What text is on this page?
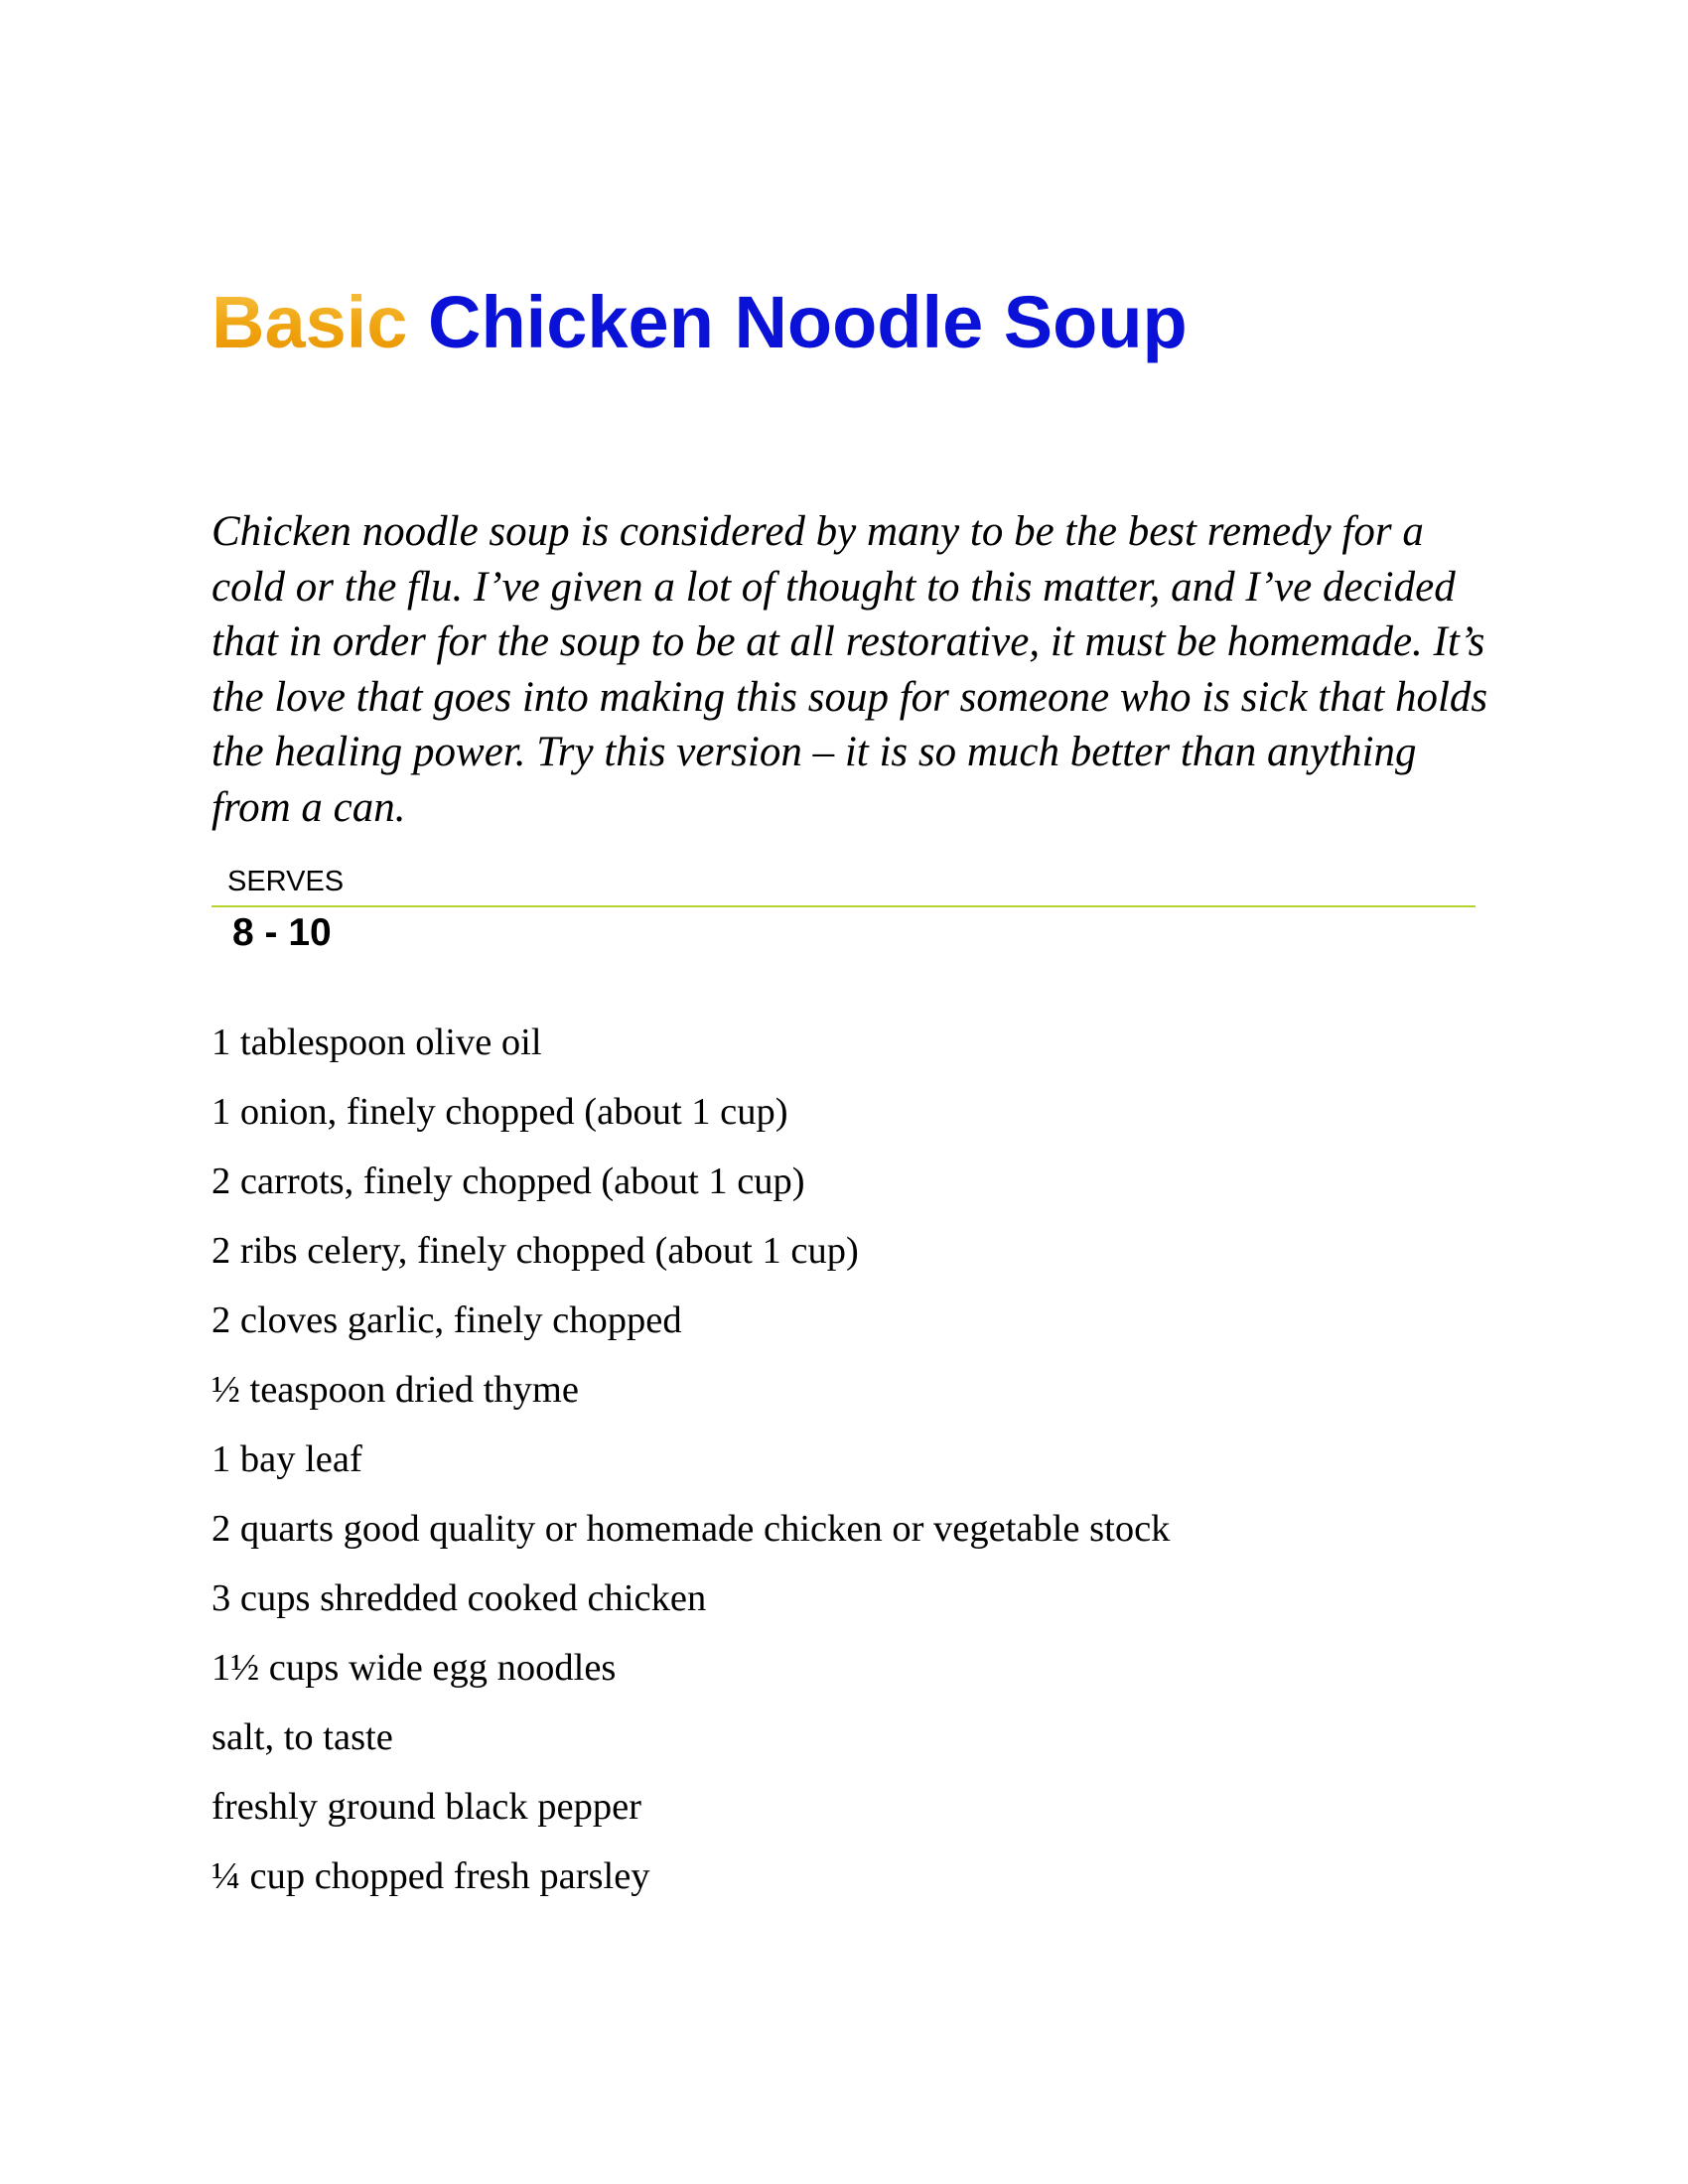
Basic Chicken Noodle Soup

Chicken noodle soup is considered by many to be the best remedy for a cold or the flu. I’ve given a lot of thought to this matter, and I’ve decided that in order for the soup to be at all restorative, it must be homemade. It’s the love that goes into making this soup for someone who is sick that holds the healing power. Try this version – it is so much better than anything from a can.

SERVES
8 - 10
1 tablespoon olive oil
1 onion, finely chopped (about 1 cup)
2 carrots, finely chopped (about 1 cup)
2 ribs celery, finely chopped (about 1 cup)
2 cloves garlic, finely chopped
½ teaspoon dried thyme
1 bay leaf
2 quarts good quality or homemade chicken or vegetable stock
3 cups shredded cooked chicken
1½ cups wide egg noodles
salt, to taste
freshly ground black pepper
¼ cup chopped fresh parsley
